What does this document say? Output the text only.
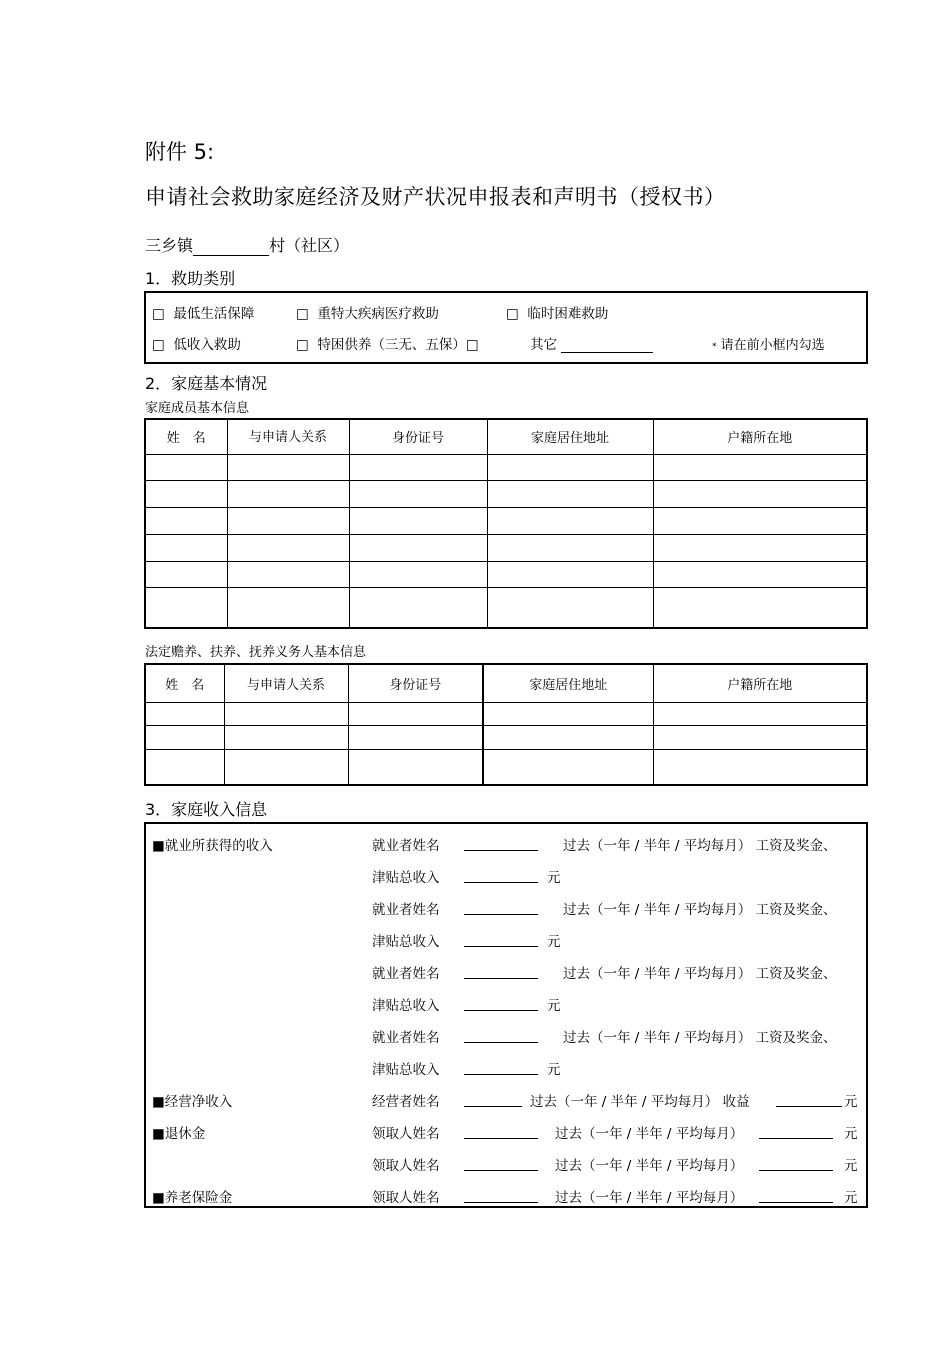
附件 5:
申请社会救助家庭经济及财产状况申报表和声明书（授权书）
三乡镇	村（社区）
1．救助类别
□ 最低生活保障	□ 重特大疾病医疗救助	□ 临时困难救助
□ 低收入救助	□ 特困供养（三无、五保）□	其它	* 请在前小框内勾选
2．家庭基本情况
家庭成员基本信息
姓　名	与申请人关系	身份证号	家庭居住地址	户籍所在地

法定赡养、扶养、抚养义务人基本信息
姓　名	与申请人关系	身份证号	家庭居住地址	户籍所在地

3．家庭收入信息
■就业所获得的收入	就业者姓名	过去（一年 / 半年 / 平均每月） 工资及奖金、
津贴总收入	元
就业者姓名	过去（一年 / 半年 / 平均每月） 工资及奖金、
津贴总收入	元
就业者姓名	过去（一年 / 半年 / 平均每月） 工资及奖金、
津贴总收入	元
就业者姓名	过去（一年 / 半年 / 平均每月） 工资及奖金、
津贴总收入	元
■经营净收入	经营者姓名	过去（一年 / 半年 / 平均每月） 收益	元
■退休金	领取人姓名	过去（一年 / 半年 / 平均每月）	元
领取人姓名	过去（一年 / 半年 / 平均每月）	元
■养老保险金	领取人姓名	过去（一年 / 半年 / 平均每月）	元
